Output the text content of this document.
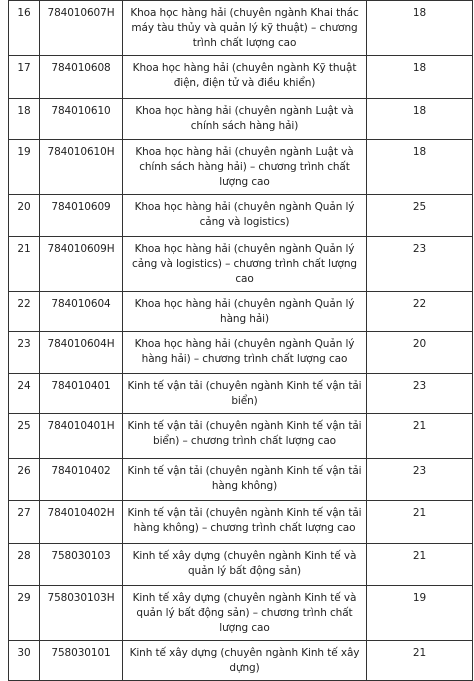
16	784010607H	Khoa học hàng hải (chuyên ngành Khai thác máy tàu thủy và quản lý kỹ thuật) – chương trình chất lượng cao	18
17	784010608	Khoa học hàng hải (chuyên ngành Kỹ thuật điện, điện tử và điều khiển)	18
18	784010610	Khoa học hàng hải (chuyên ngành Luật và chính sách hàng hải)	18
19	784010610H	Khoa học hàng hải (chuyên ngành Luật và chính sách hàng hải) – chương trình chất lượng cao	18
20	784010609	Khoa học hàng hải (chuyên ngành Quản lý cảng và logistics)	25
21	784010609H	Khoa học hàng hải (chuyên ngành Quản lý cảng và logistics) – chương trình chất lượng cao	23
22	784010604	Khoa học hàng hải (chuyên ngành Quản lý hàng hải)	22
23	784010604H	Khoa học hàng hải (chuyên ngành Quản lý hàng hải) – chương trình chất lượng cao	20
24	784010401	Kinh tế vận tải (chuyên ngành Kinh tế vận tải biển)	23
25	784010401H	Kinh tế vận tải (chuyên ngành Kinh tế vận tải biển) – chương trình chất lượng cao	21
26	784010402	Kinh tế vận tải (chuyên ngành Kinh tế vận tải hàng không)	23
27	784010402H	Kinh tế vận tải (chuyên ngành Kinh tế vận tải hàng không) – chương trình chất lượng cao	21
28	758030103	Kinh tế xây dựng (chuyên ngành Kinh tế và quản lý bất động sản)	21
29	758030103H	Kinh tế xây dựng (chuyên ngành Kinh tế và quản lý bất động sản) – chương trình chất lượng cao	19
30	758030101	Kinh tế xây dựng (chuyên ngành Kinh tế xây dựng)	21
